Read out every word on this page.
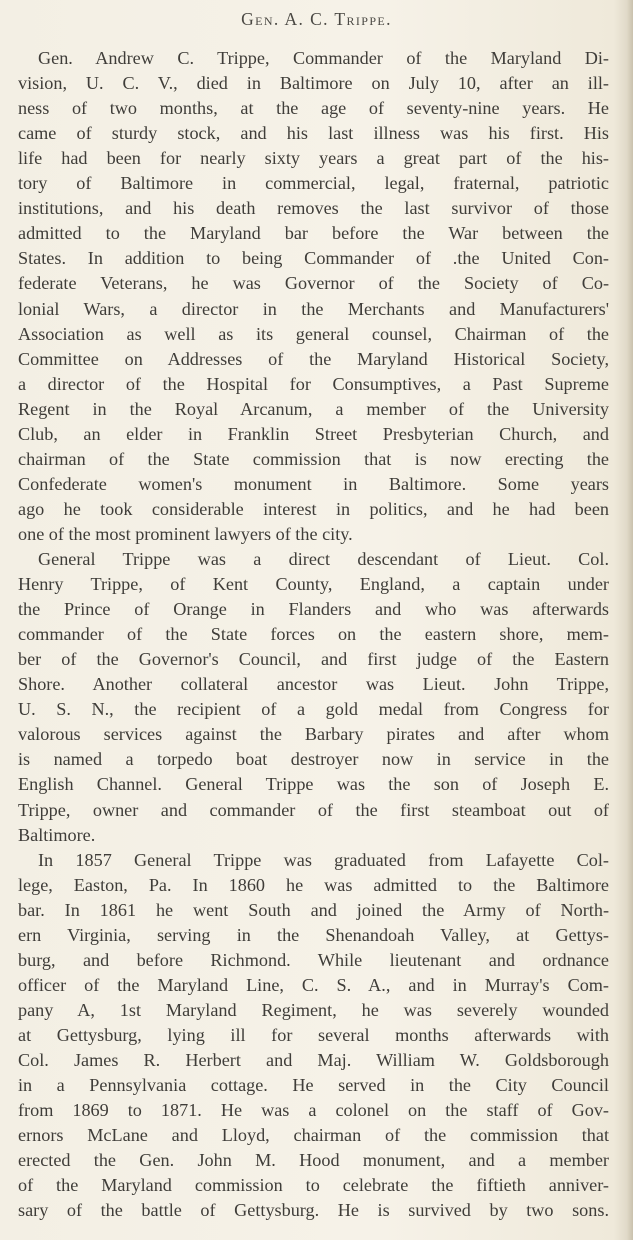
Gen. A. C. Trippe.
Gen. Andrew C. Trippe, Commander of the Maryland Di-
vision, U. C. V., died in Baltimore on July 10, after an ill-
ness of two months, at the age of seventy-nine years. He
came of sturdy stock, and his last illness was his first. His
life had been for nearly sixty years a great part of the his-
tory of Baltimore in commercial, legal, fraternal, patriotic
institutions, and his death removes the last survivor of those
admitted to the Maryland bar before the War between the
States. In addition to being Commander of .the United Con-
federate Veterans, he was Governor of the Society of Co-
lonial Wars, a director in the Merchants and Manufacturers'
Association as well as its general counsel, Chairman of the
Committee on Addresses of the Maryland Historical Society,
a director of the Hospital for Consumptives, a Past Supreme
Regent in the Royal Arcanum, a member of the University
Club, an elder in Franklin Street Presbyterian Church, and
chairman of the State commission that is now erecting the
Confederate women's monument in Baltimore. Some years
ago he took considerable interest in politics, and he had been
one of the most prominent lawyers of the city.
General Trippe was a direct descendant of Lieut. Col.
Henry Trippe, of Kent County, England, a captain under
the Prince of Orange in Flanders and who was afterwards
commander of the State forces on the eastern shore, mem-
ber of the Governor's Council, and first judge of the Eastern
Shore. Another collateral ancestor was Lieut. John Trippe,
U. S. N., the recipient of a gold medal from Congress for
valorous services against the Barbary pirates and after whom
is named a torpedo boat destroyer now in service in the
English Channel. General Trippe was the son of Joseph E.
Trippe, owner and commander of the first steamboat out of
Baltimore.
In 1857 General Trippe was graduated from Lafayette Col-
lege, Easton, Pa. In 1860 he was admitted to the Baltimore
bar. In 1861 he went South and joined the Army of North-
ern Virginia, serving in the Shenandoah Valley, at Gettys-
burg, and before Richmond. While lieutenant and ordnance
officer of the Maryland Line, C. S. A., and in Murray's Com-
pany A, 1st Maryland Regiment, he was severely wounded
at Gettysburg, lying ill for several months afterwards with
Col. James R. Herbert and Maj. William W. Goldsborough
in a Pennsylvania cottage. He served in the City Council
from 1869 to 1871. He was a colonel on the staff of Gov-
ernors McLane and Lloyd, chairman of the commission that
erected the Gen. John M. Hood monument, and a member
of the Maryland commission to celebrate the fiftieth anniver-
sary of the battle of Gettysburg. He is survived by two sons.
